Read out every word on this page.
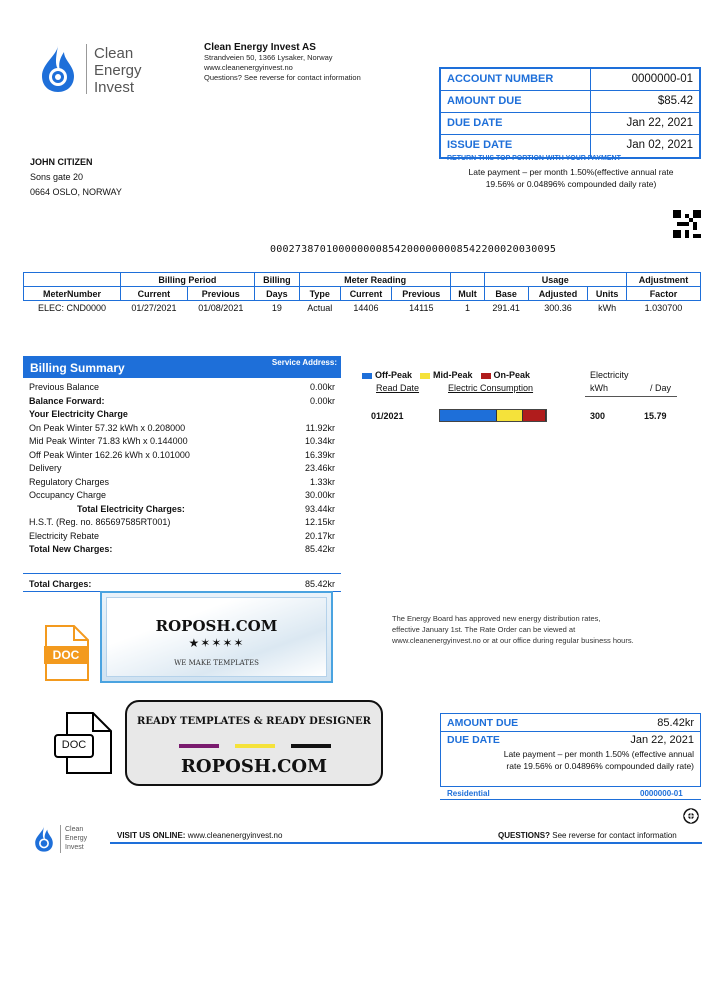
Clean
Energy
Invest
Clean Energy Invest AS
Strandveien 50, 1366 Lysaker, Norway
www.cleanenergyinvest.no
Questions? See reverse for contact information	ACCOUNT NUMBER	0000000-01
AMOUNT DUE	$85.42
DUE DATE	Jan 22, 2021
ISSUE DATE	Jan 02, 2021
RETURN THIS TOP PORTION WITH YOUR PAYMENT
Late payment – per month 1.50%(effective annual rate
19.56% or 0.04896% compounded daily rate)
JOHN CITIZEN
Sons gate 20
0664 OSLO, NORWAY
0002738701000000008542000000008542200020030095
	Billing Period		Billing	Meter Reading				Usage			Adjustment
MeterNumber	Current	Previous	Days	Type	Current	Previous	Mult	Base	Adjusted	Units	Factor
ELEC: CND0000	01/27/2021	01/08/2021	19	Actual	14406	14115	1	291.41	300.36	kWh	1.030700
Billing Summary	Service Address:
Previous Balance	0.00kr
Balance Forward:	0.00kr
Your Electricity Charge
On Peak Winter 57.32 kWh x 0.208000	11.92kr
Mid Peak Winter 71.83 kWh x 0.144000	10.34kr
Off Peak Winter 162.26 kWh x 0.101000	16.39kr
Delivery	23.46kr
Regulatory Charges	1.33kr
Occupancy Charge	30.00kr
Total Electricity Charges:	93.44kr
H.S.T. (Reg. no. 865697585RT001)	12.15kr
Electricity Rebate	20.17kr
Total New Charges:	85.42kr
Total Charges:	85.42kr
Off-Peak	Mid-Peak	On-Peak
Read Date	Electric Consumption
Electricity
kWh	/ Day
01/2021	300	15.79
The Energy Board has approved new energy distribution rates,
effective January 1st. The Rate Order can be viewed at
www.cleanenergyinvest.no or at our office during regular business hours.
DOC
ROPOSH.COM
★✶✶✶✶
WE MAKE TEMPLATES
DOC
READY TEMPLATES & READY DESIGNER
ROPOSH.COM
AMOUNT DUE	85.42kr
DUE DATE	Jan 22, 2021
Late payment – per month 1.50% (effective annual
rate 19.56% or 0.04896% compounded daily rate)
Residential	0000000-01
Clean
Energy
Invest
VISIT US ONLINE: www.cleanenergyinvest.no	QUESTIONS? See reverse for contact information
